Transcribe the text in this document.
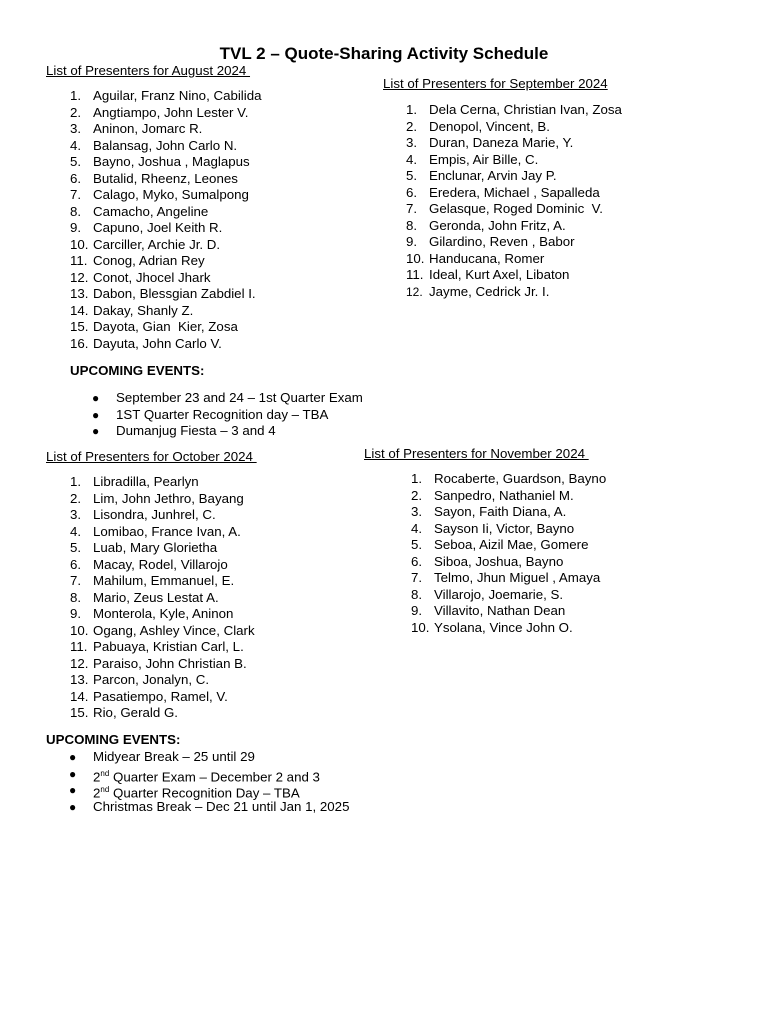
TVL 2 – Quote-Sharing Activity Schedule
List of Presenters for August 2024
1. Aguilar, Franz Nino, Cabilida
2. Angtiampo, John Lester V.
3. Aninon, Jomarc R.
4. Balansag, John Carlo N.
5. Bayno, Joshua , Maglapus
6. Butalid, Rheenz, Leones
7. Calago, Myko, Sumalpong
8. Camacho, Angeline
9. Capuno, Joel Keith R.
10. Carciller, Archie Jr. D.
11. Conog, Adrian Rey
12. Conot, Jhocel Jhark
13. Dabon, Blessgian Zabdiel I.
14. Dakay, Shanly Z.
15. Dayota, Gian  Kier, Zosa
16. Dayuta, John Carlo V.
List of Presenters for September 2024
1. Dela Cerna, Christian Ivan, Zosa
2. Denopol, Vincent, B.
3. Duran, Daneza Marie, Y.
4. Empis, Air Bille, C.
5. Enclunar, Arvin Jay P.
6. Eredera, Michael , Sapalleda
7. Gelasque, Roged Dominic  V.
8. Geronda, John Fritz, A.
9. Gilardino, Reven , Babor
10. Handucana, Romer
11. Ideal, Kurt Axel, Libaton
12. Jayme, Cedrick Jr. I.
UPCOMING EVENTS:
● September 23 and 24 – 1st Quarter Exam
● 1ST Quarter Recognition day – TBA
● Dumanjug Fiesta – 3 and 4
List of Presenters for October 2024
1. Libradilla, Pearlyn
2. Lim, John Jethro, Bayang
3. Lisondra, Junhrel, C.
4. Lomibao, France Ivan, A.
5. Luab, Mary Glorietha
6. Macay, Rodel, Villarojo
7. Mahilum, Emmanuel, E.
8. Mario, Zeus Lestat A.
9. Monterola, Kyle, Aninon
10. Ogang, Ashley Vince, Clark
11. Pabuaya, Kristian Carl, L.
12. Paraiso, John Christian B.
13. Parcon, Jonalyn, C.
14. Pasatiempo, Ramel, V.
15. Rio, Gerald G.
List of Presenters for November 2024
1. Rocaberte, Guardson, Bayno
2. Sanpedro, Nathaniel M.
3. Sayon, Faith Diana, A.
4. Sayson Ii, Victor, Bayno
5. Seboa, Aizil Mae, Gomere
6. Siboa, Joshua, Bayno
7. Telmo, Jhun Miguel , Amaya
8. Villarojo, Joemarie, S.
9. Villavito, Nathan Dean
10. Ysolana, Vince John O.
UPCOMING EVENTS:
● Midyear Break – 25 until 29
● 2nd Quarter Exam – December 2 and 3
● 2nd Quarter Recognition Day – TBA
● Christmas Break – Dec 21 until Jan 1, 2025
